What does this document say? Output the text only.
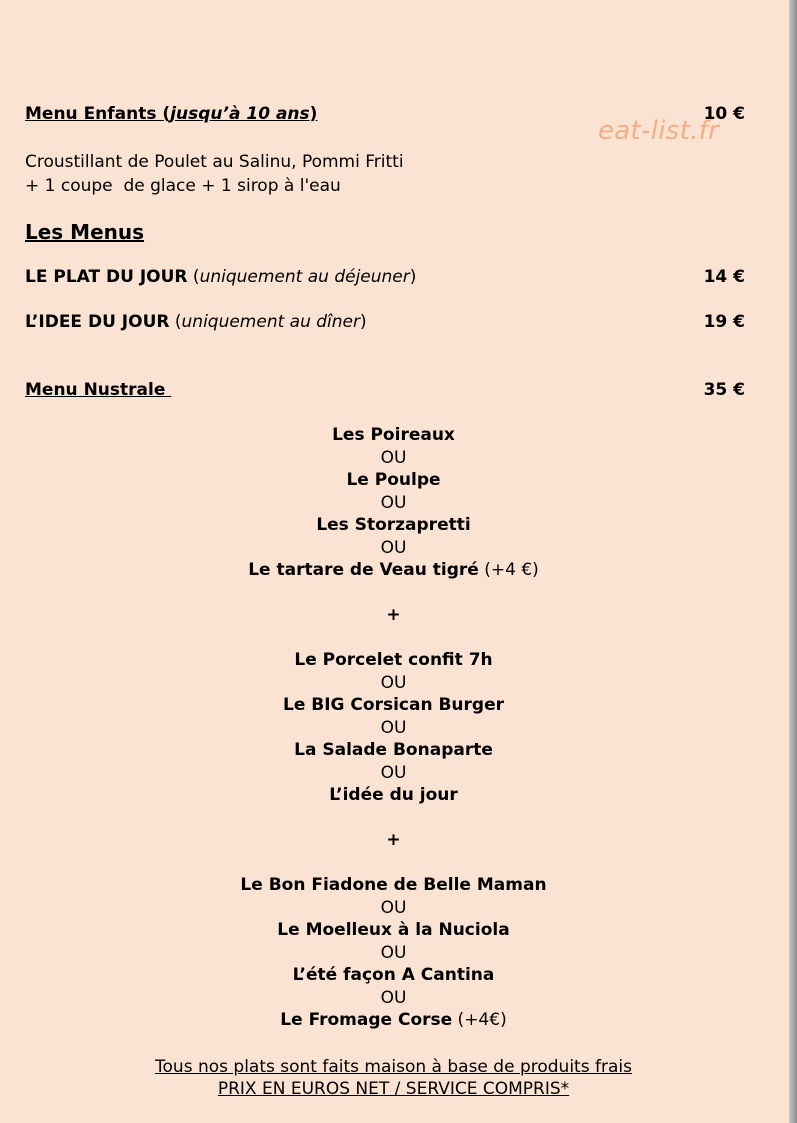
Menu Enfants (jusqu’à 10 ans)	10 €
eat-list.fr
Croustillant de Poulet au Salinu, Pommi Fritti
+ 1 coupe  de glace + 1 sirop à l'eau
Les Menus
LE PLAT DU JOUR (uniquement au déjeuner)	14 €
L’IDEE DU JOUR (uniquement au dîner)	19 €
Menu Nustrale	35 €
Les Poireaux
OU
Le Poulpe
OU
Les Storzapretti
OU
Le tartare de Veau tigré (+4 €)
+
Le Porcelet confit 7h
OU
Le BIG Corsican Burger
OU
La Salade Bonaparte
OU
L’idée du jour
+
Le Bon Fiadone de Belle Maman
OU
Le Moelleux à la Nuciola
OU
L’été façon A Cantina
OU
Le Fromage Corse (+4€)
Tous nos plats sont faits maison à base de produits frais
PRIX EN EUROS NET / SERVICE COMPRIS*
